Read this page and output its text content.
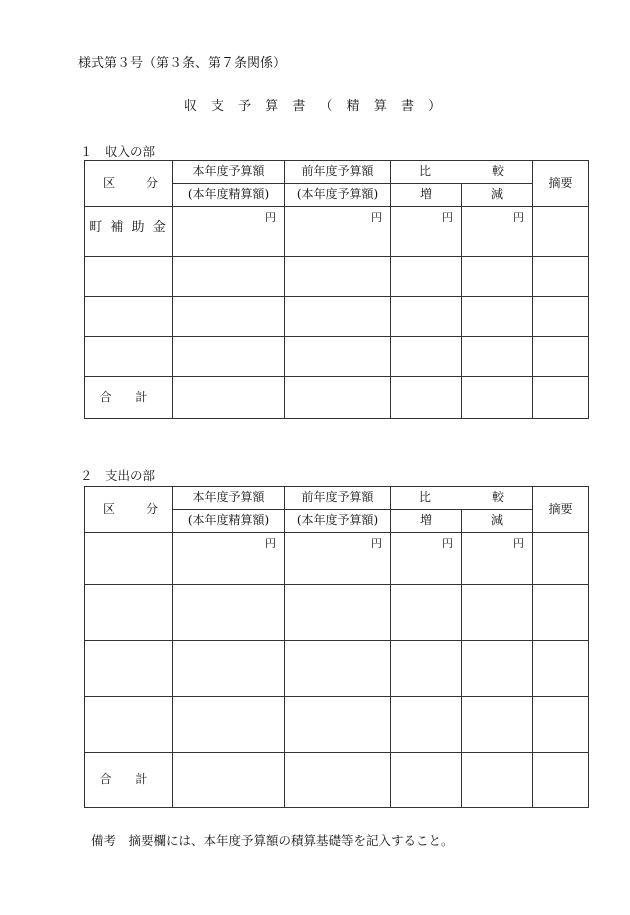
様式第３号（第３条、第７条関係）
収 支 予 算 書 （ 精 算 書 ）
１　収入の部
区 分	本年度予算額	前年度予算額	比 較		摘要
	(本年度精算額)	(本年度予算額)	増	減	
町 補 助 金	円	円	円	円	

合 計					
２　支出の部
区 分	本年度予算額	前年度予算額	比 較		摘要
	(本年度精算額)	(本年度予算額)	増	減	
	円	円	円	円	

合 計					
備考　摘要欄には、本年度予算額の積算基礎等を記入すること。
